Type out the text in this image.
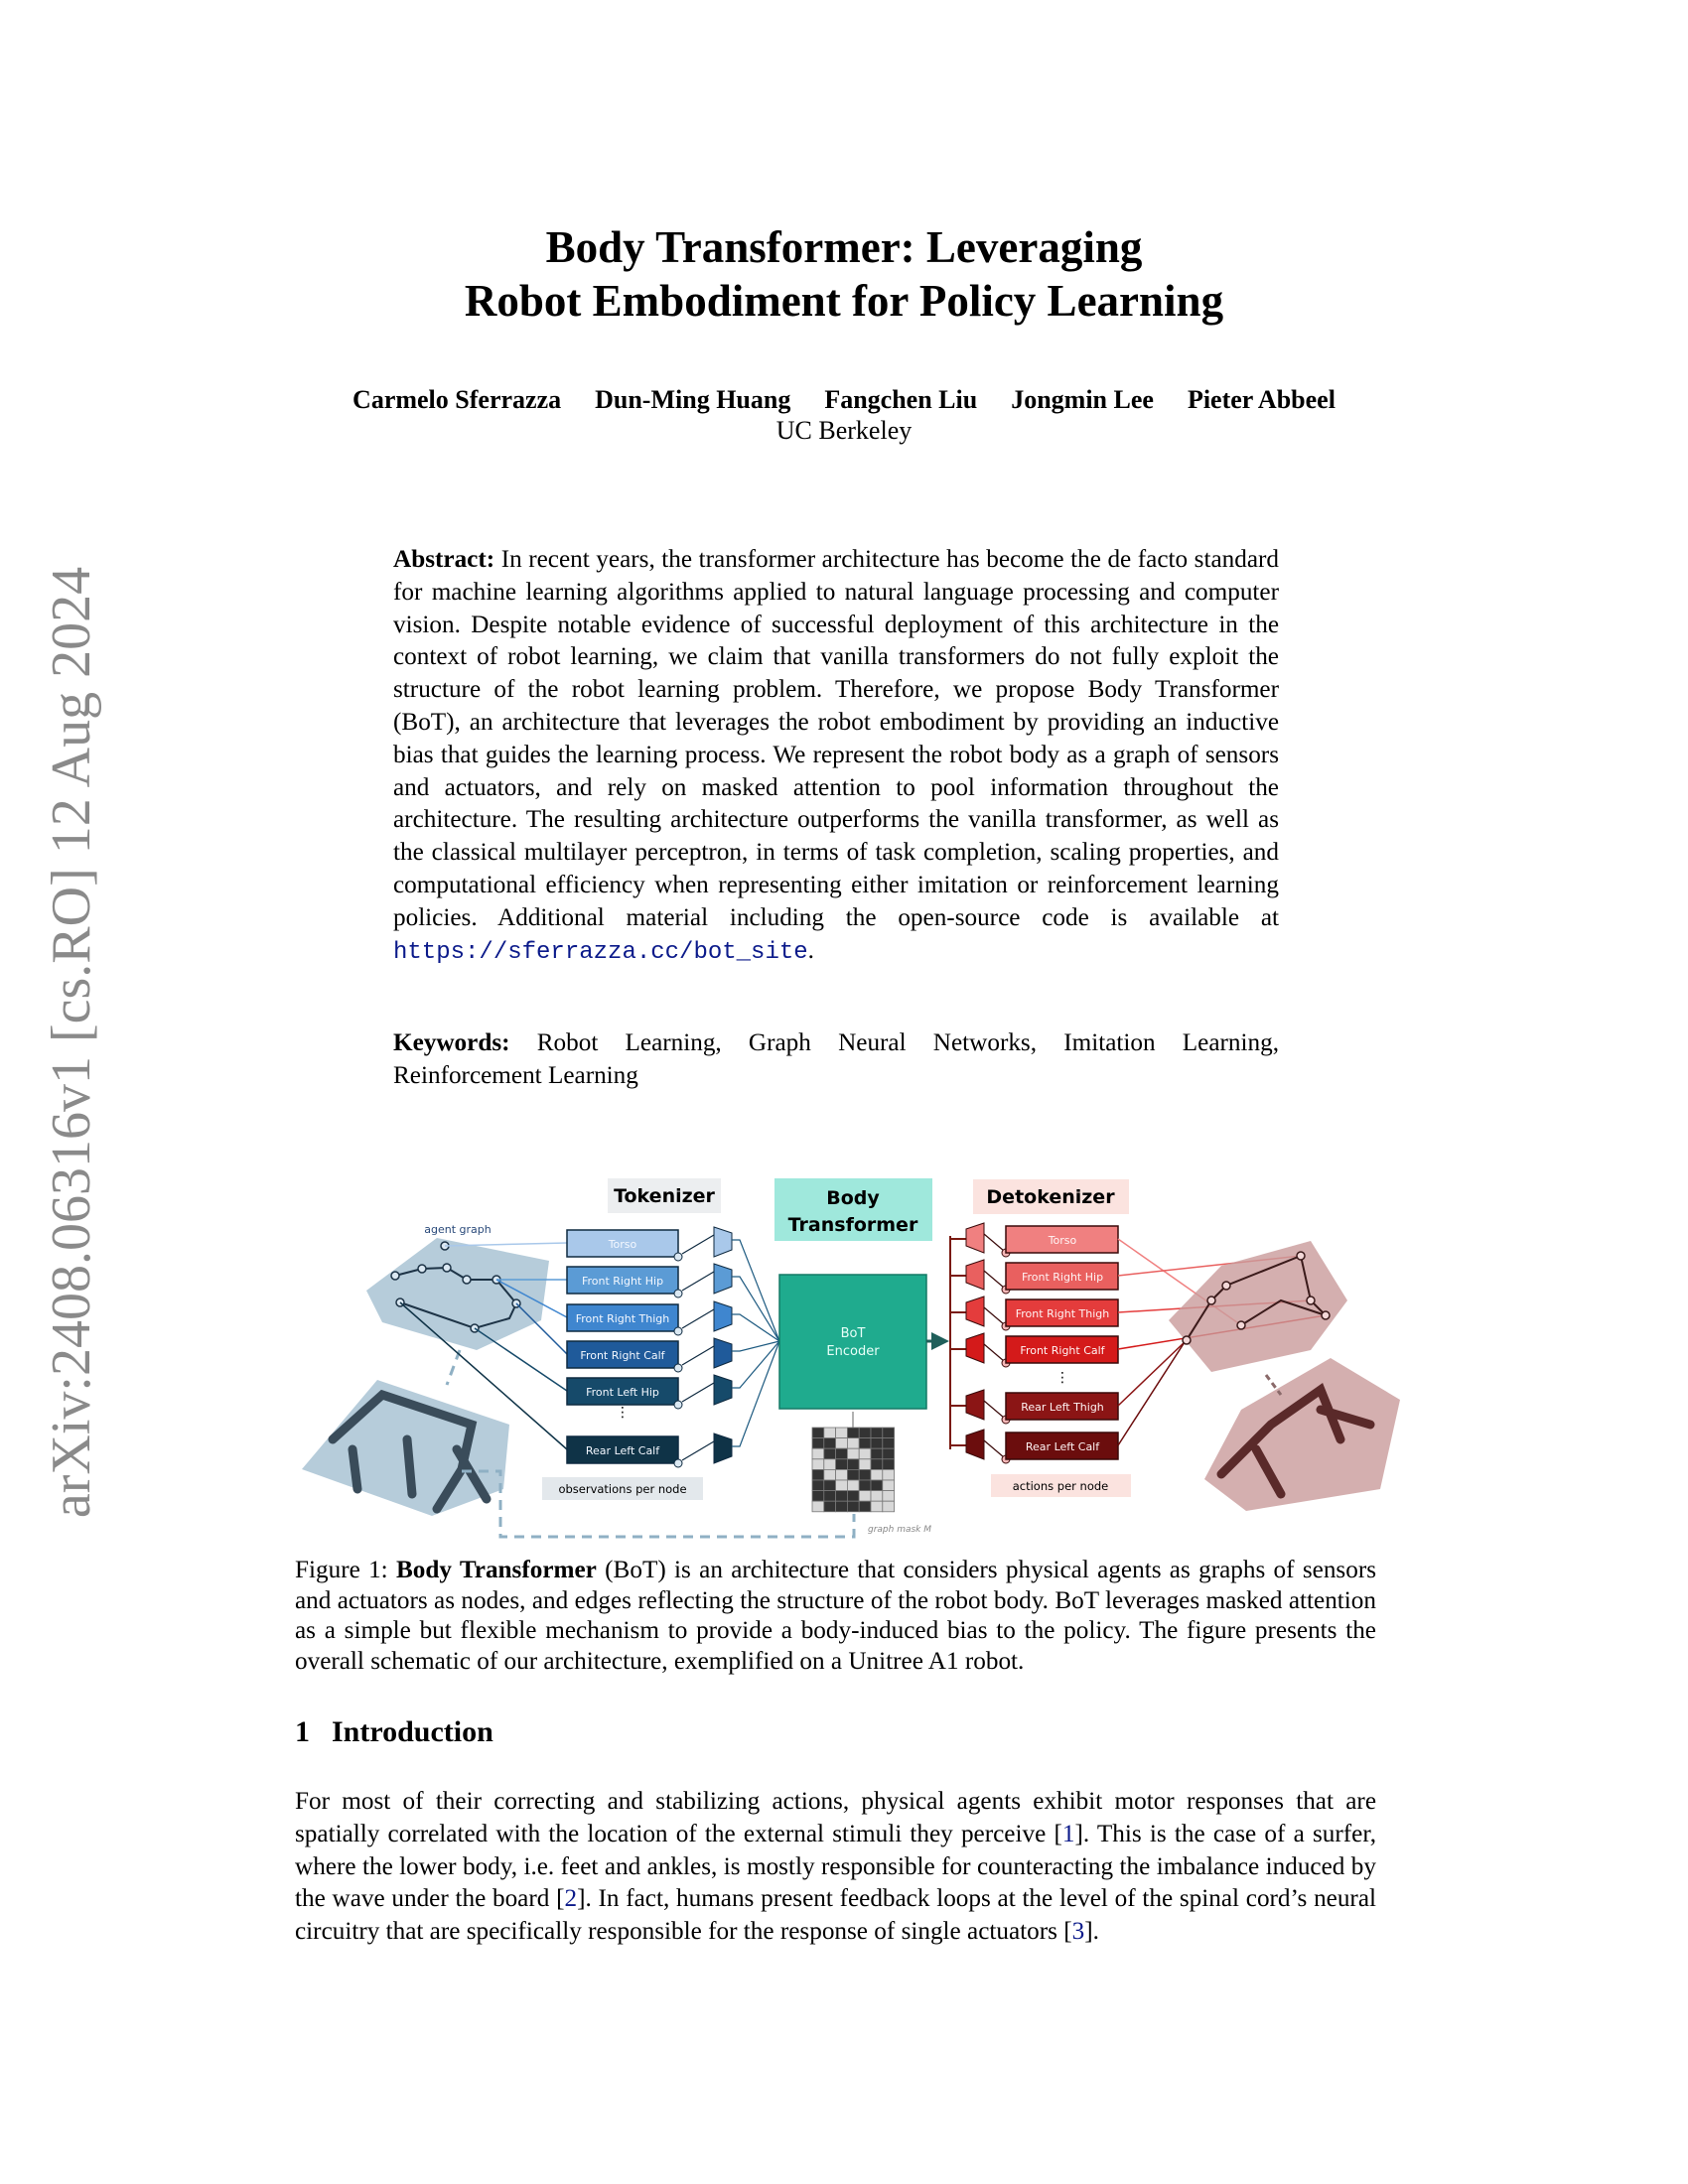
arXiv:2408.06316v1 [cs.RO] 12 Aug 2024
Body Transformer: Leveraging
Robot Embodiment for Policy Learning
Carmelo Sferrazza Dun-Ming Huang Fangchen Liu Jongmin Lee Pieter Abbeel
UC Berkeley
Abstract: In recent years, the transformer architecture has become the de facto standard for machine learning algorithms applied to natural language processing and computer vision. Despite notable evidence of successful deployment of this architecture in the context of robot learning, we claim that vanilla transformers do not fully exploit the structure of the robot learning problem. Therefore, we propose Body Transformer (BoT), an architecture that leverages the robot embodiment by providing an inductive bias that guides the learning process. We represent the robot body as a graph of sensors and actuators, and rely on masked attention to pool information throughout the architecture. The resulting architecture outperforms the vanilla transformer, as well as the classical multilayer perceptron, in terms of task completion, scaling properties, and computational efficiency when representing either imitation or reinforcement learning policies. Additional material including the open-source code is available at https://sferrazza.cc/bot_site.
Keywords: Robot Learning, Graph Neural Networks, Imitation Learning, Reinforcement Learning
Tokenizer	Body
Transformer
Detokenizer
agent graph
Torso
Front Right Hip
Front Right Thigh
Front Right Calf
Front Left Hip
Rear Left Calf
⋮
observations per node
BoT
Encoder
graph mask M
Torso
Front Right Hip
Front Right Thigh
Front Right Calf
Rear Left Thigh
Rear Left Calf
⋮
actions per node
Figure 1: Body Transformer (BoT) is an architecture that considers physical agents as graphs of sensors and actuators as nodes, and edges reflecting the structure of the robot body. BoT leverages masked attention as a simple but flexible mechanism to provide a body-induced bias to the policy. The figure presents the overall schematic of our architecture, exemplified on a Unitree A1 robot.
1 Introduction
For most of their correcting and stabilizing actions, physical agents exhibit motor responses that are spatially correlated with the location of the external stimuli they perceive [1]. This is the case of a surfer, where the lower body, i.e. feet and ankles, is mostly responsible for counteracting the imbalance induced by the wave under the board [2]. In fact, humans present feedback loops at the level of the spinal cord’s neural circuitry that are specifically responsible for the response of single actuators [3].
